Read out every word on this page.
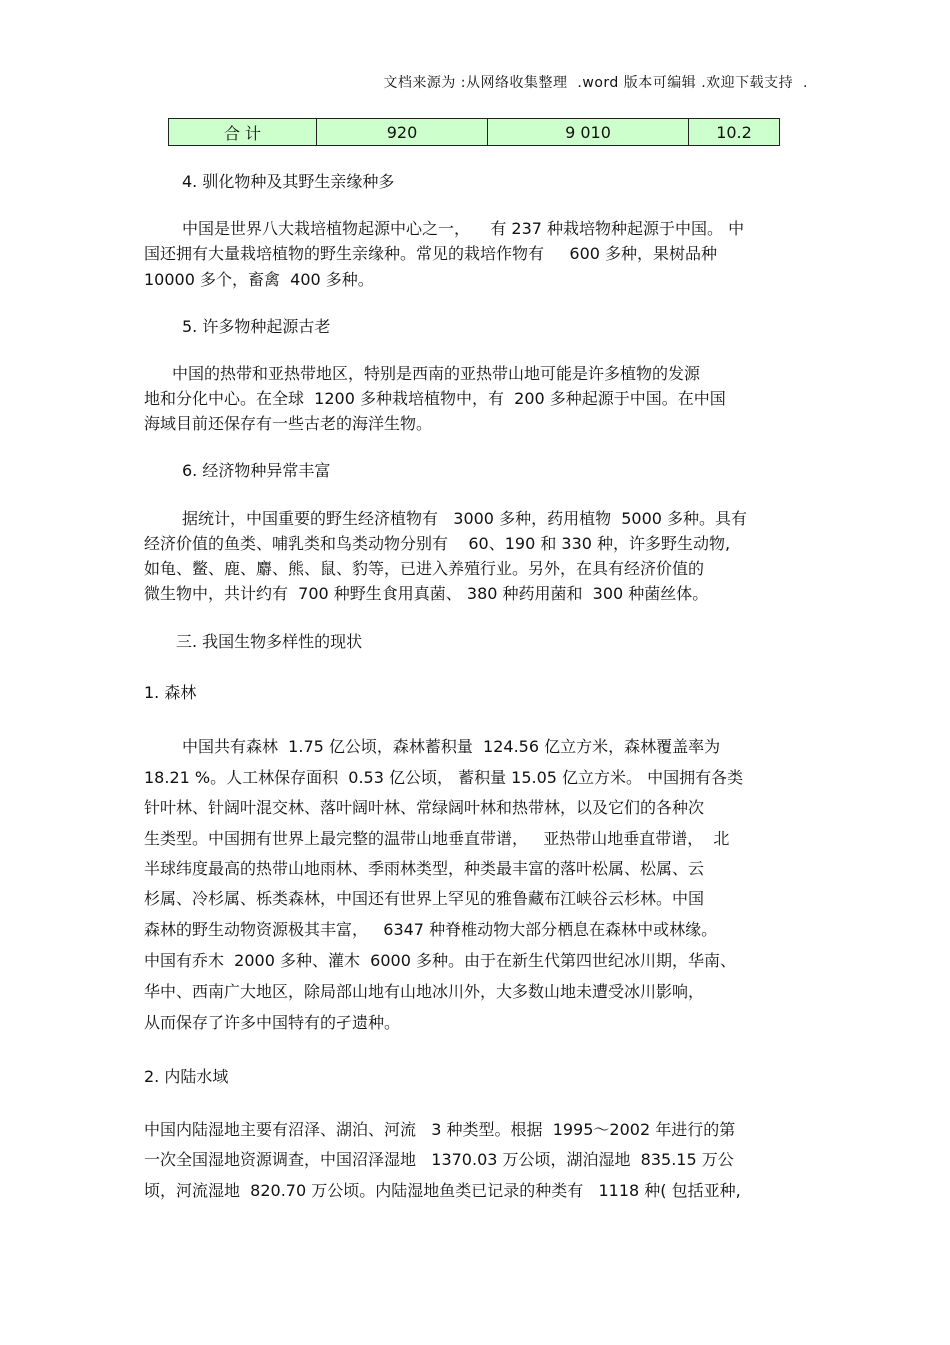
文档来源为 :从网络收集整理  .word 版本可编辑 .欢迎下载支持  .
合 计	920	9 010	10.2
4. 驯化物种及其野生亲缘种多
中国是世界八大栽培植物起源中心之一，    有 237 种栽培物种起源于中国。 中
国还拥有大量栽培植物的野生亲缘种。常见的栽培作物有     600 多种，果树品种
10000 多个，畜禽  400 多种。
5. 许多物种起源古老
中国的热带和亚热带地区，特别是西南的亚热带山地可能是许多植物的发源
地和分化中心。在全球  1200 多种栽培植物中，有  200 多种起源于中国。在中国
海域目前还保存有一些古老的海洋生物。
6. 经济物种异常丰富
据统计，中国重要的野生经济植物有   3000 多种，药用植物  5000 多种。具有
经济价值的鱼类、哺乳类和鸟类动物分别有    60、190 和 330 种，许多野生动物,
如龟、鳖、鹿、麝、熊、鼠、豹等，已进入养殖行业。另外，在具有经济价值的
微生物中，共计约有  700 种野生食用真菌、 380 种药用菌和  300 种菌丝体。
三. 我国生物多样性的现状
1. 森林
中国共有森林  1.75 亿公顷，森林蓄积量  124.56 亿立方米，森林覆盖率为
18.21 %。人工林保存面积  0.53 亿公顷， 蓄积量 15.05 亿立方米。 中国拥有各类
针叶林、针阔叶混交林、落叶阔叶林、常绿阔叶林和热带林，以及它们的各种次
生类型。中国拥有世界上最完整的温带山地垂直带谱，   亚热带山地垂直带谱，  北
半球纬度最高的热带山地雨林、季雨林类型，种类最丰富的落叶松属、松属、云
杉属、冷杉属、栎类森林，中国还有世界上罕见的雅鲁藏布江峡谷云杉林。中国
森林的野生动物资源极其丰富，   6347 种脊椎动物大部分栖息在森林中或林缘。
中国有乔木  2000 多种、灌木  6000 多种。由于在新生代第四世纪冰川期，华南、
华中、西南广大地区，除局部山地有山地冰川外，大多数山地未遭受冰川影响，
从而保存了许多中国特有的孑遗种。
2. 内陆水域
中国内陆湿地主要有沼泽、湖泊、河流   3 种类型。根据  1995～2002 年进行的第
一次全国湿地资源调查，中国沼泽湿地   1370.03 万公顷，湖泊湿地  835.15 万公
顷，河流湿地  820.70 万公顷。内陆湿地鱼类已记录的种类有   1118 种( 包括亚种,
